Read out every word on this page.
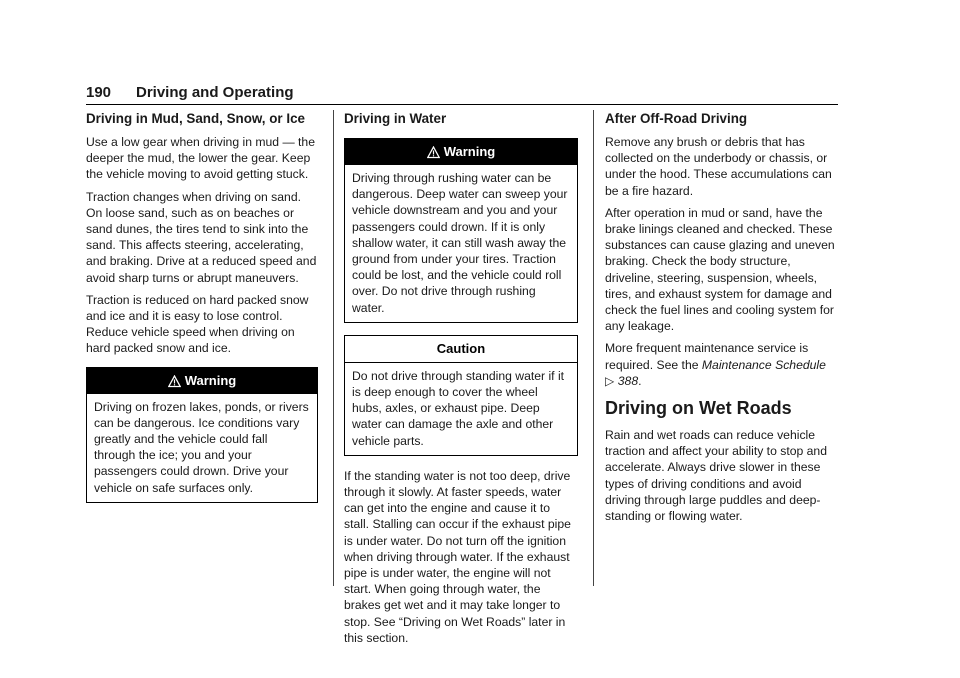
190 Driving and Operating
Driving in Mud, Sand, Snow, or Ice

Use a low gear when driving in mud — the deeper the mud, the lower the gear. Keep the vehicle moving to avoid getting stuck.

Traction changes when driving on sand. On loose sand, such as on beaches or sand dunes, the tires tend to sink into the sand. This affects steering, accelerating, and braking. Drive at a reduced speed and avoid sharp turns or abrupt maneuvers.

Traction is reduced on hard packed snow and ice and it is easy to lose control. Reduce vehicle speed when driving on hard packed snow and ice.

Warning
Driving on frozen lakes, ponds, or rivers can be dangerous. Ice conditions vary greatly and the vehicle could fall through the ice; you and your passengers could drown. Drive your vehicle on safe surfaces only.
Driving in Water
Warning
Driving through rushing water can be dangerous. Deep water can sweep your vehicle downstream and you and your passengers could drown. If it is only shallow water, it can still wash away the ground from under your tires. Traction could be lost, and the vehicle could roll over. Do not drive through rushing water.
Caution
Do not drive through standing water if it is deep enough to cover the wheel hubs, axles, or exhaust pipe. Deep water can damage the axle and other vehicle parts.

If the standing water is not too deep, drive through it slowly. At faster speeds, water can get into the engine and cause it to stall. Stalling can occur if the exhaust pipe is under water. Do not turn off the ignition when driving through water. If the exhaust pipe is under water, the engine will not start. When going through water, the brakes get wet and it may take longer to stop. See “Driving on Wet Roads” later in this section.

After Off-Road Driving

Remove any brush or debris that has collected on the underbody or chassis, or under the hood. These accumulations can be a fire hazard.

After operation in mud or sand, have the brake linings cleaned and checked. These substances can cause glazing and uneven braking. Check the body structure, driveline, steering, suspension, wheels, tires, and exhaust system for damage and check the fuel lines and cooling system for any leakage.

More frequent maintenance service is required. See the Maintenance Schedule
▷ 388.

Driving on Wet Roads

Rain and wet roads can reduce vehicle traction and affect your ability to stop and accelerate. Always drive slower in these types of driving conditions and avoid driving through large puddles and deep-standing or flowing water.
